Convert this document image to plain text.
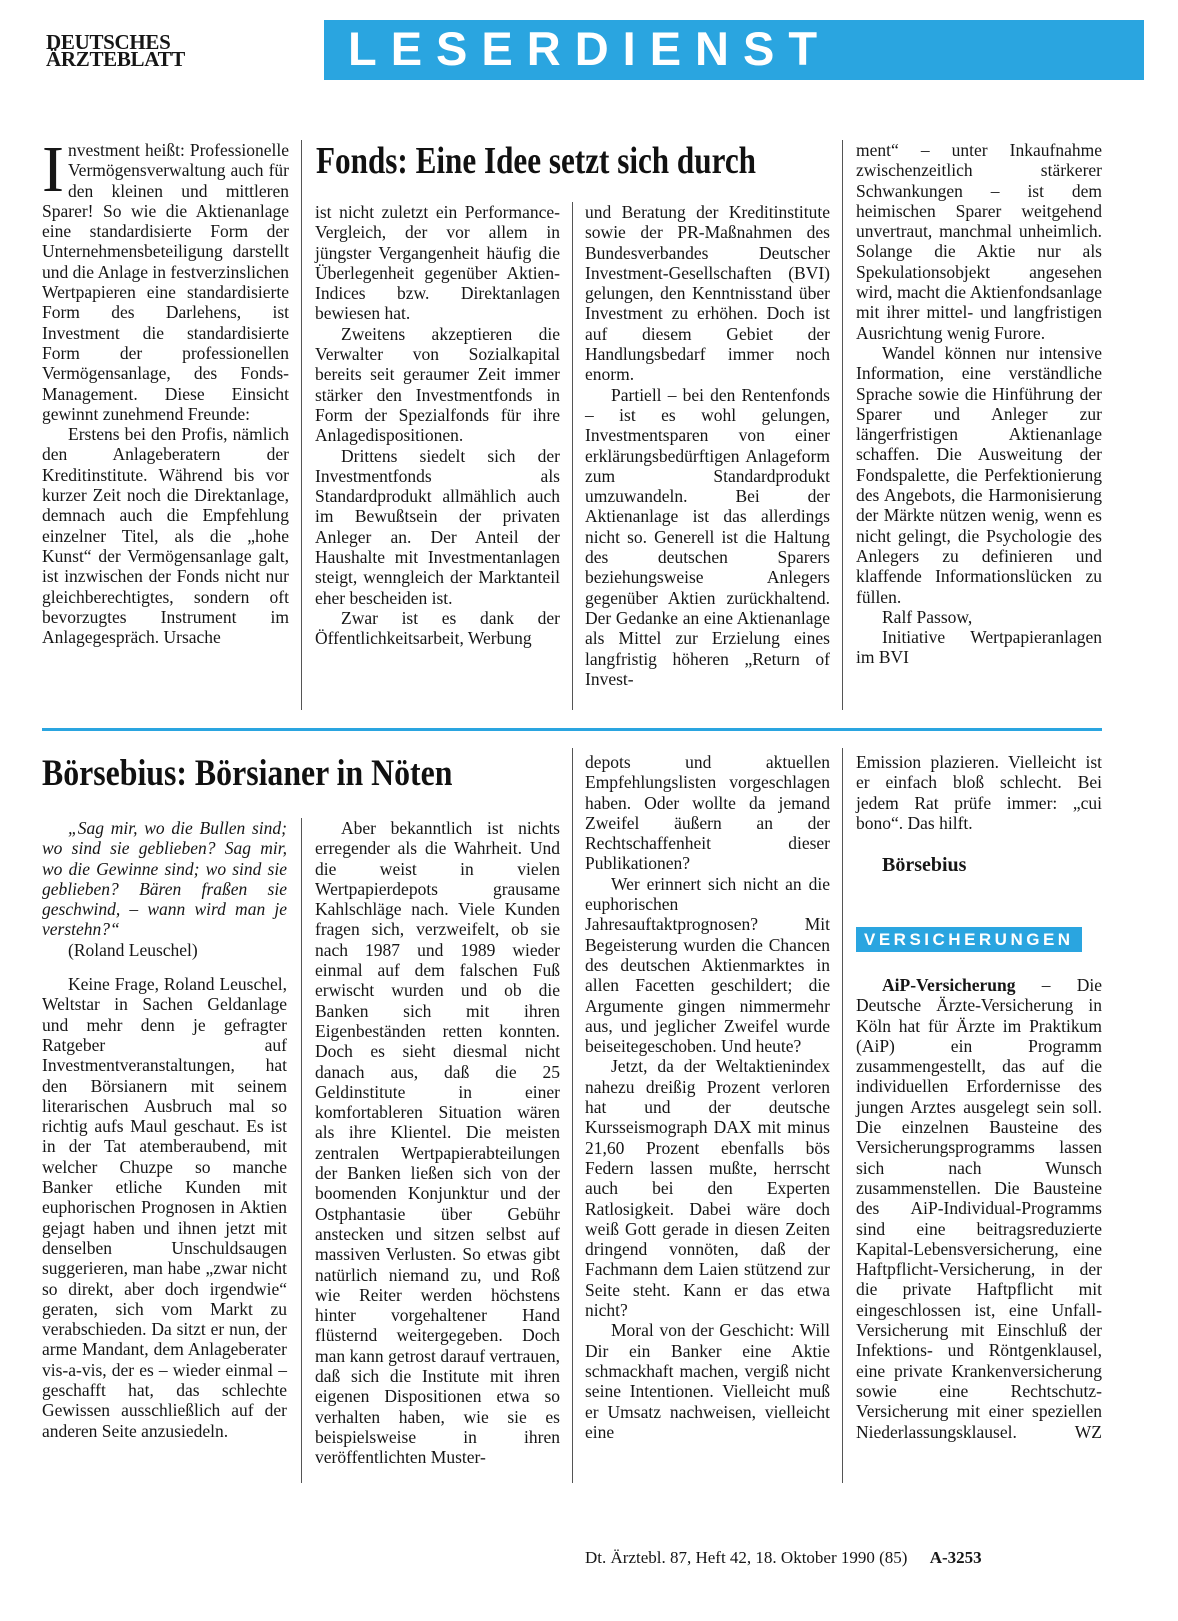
DEUTSCHES
ÄRZTEBLATT	LESERDIENST
I nvestment heißt: Professionelle Vermögensverwaltung auch für den kleinen und mittleren Sparer! So wie die Aktienanlage eine standardisierte Form der Unternehmensbeteiligung darstellt und die Anlage in festverzinslichen Wertpapieren eine standardisierte Form des Darlehens, ist Investment die standardisierte Form der professionellen Vermögensanlage, des Fonds-Management. Diese Einsicht gewinnt zunehmend Freunde:

Erstens bei den Profis, nämlich den Anlageberatern der Kreditinstitute. Während bis vor kurzer Zeit noch die Direktanlage, demnach auch die Empfehlung einzelner Titel, als die „hohe Kunst“ der Vermögensanlage galt, ist inzwischen der Fonds nicht nur gleichberechtigtes, sondern oft bevorzugtes Instrument im Anlagegespräch. Ursache

Fonds: Eine Idee setzt sich durch

ist nicht zuletzt ein Performance-Vergleich, der vor allem in jüngster Vergangenheit häufig die Überlegenheit gegenüber Aktien-Indices bzw. Direktanlagen bewiesen hat.

Zweitens akzeptieren die Verwalter von Sozialkapital bereits seit geraumer Zeit immer stärker den Investmentfonds in Form der Spezialfonds für ihre Anlagedispositionen.

Drittens siedelt sich der Investmentfonds als Standardprodukt allmählich auch im Bewußtsein der privaten Anleger an. Der Anteil der Haushalte mit Investmentanlagen steigt, wenngleich der Marktanteil eher bescheiden ist.

Zwar ist es dank der Öffentlichkeitsarbeit, Werbung

und Beratung der Kreditinstitute sowie der PR-Maßnahmen des Bundesverbandes Deutscher Investment-Gesellschaften (BVI) gelungen, den Kenntnisstand über Investment zu erhöhen. Doch ist auf diesem Gebiet der Handlungsbedarf immer noch enorm.

Partiell – bei den Rentenfonds – ist es wohl gelungen, Investmentsparen von einer erklärungsbedürftigen Anlageform zum Standardprodukt umzuwandeln. Bei der Aktienanlage ist das allerdings nicht so. Generell ist die Haltung des deutschen Sparers beziehungsweise Anlegers gegenüber Aktien zurückhaltend. Der Gedanke an eine Aktienanlage als Mittel zur Erzielung eines langfristig höheren „Return of Invest-

ment“ – unter Inkaufnahme zwischenzeitlich stärkerer Schwankungen – ist dem heimischen Sparer weitgehend unvertraut, manchmal unheimlich. Solange die Aktie nur als Spekulationsobjekt angesehen wird, macht die Aktienfondsanlage mit ihrer mittel- und langfristigen Ausrichtung wenig Furore.

Wandel können nur intensive Information, eine verständliche Sprache sowie die Hinführung der Sparer und Anleger zur längerfristigen Aktienanlage schaffen. Die Ausweitung der Fondspalette, die Perfektionierung des Angebots, die Harmonisierung der Märkte nützen wenig, wenn es nicht gelingt, die Psychologie des Anlegers zu definieren und klaffende Informationslücken zu füllen.

Ralf Passow,

Initiative Wertpapieranlagen im BVI

Börsebius: Börsianer in Nöten

„Sag mir, wo die Bullen sind; wo sind sie geblieben? Sag mir, wo die Gewinne sind; wo sind sie geblieben? Bären fraßen sie geschwind, – wann wird man je verstehn?“

(Roland Leuschel)

Keine Frage, Roland Leuschel, Weltstar in Sachen Geldanlage und mehr denn je gefragter Ratgeber auf Investmentveranstaltungen, hat den Börsianern mit seinem literarischen Ausbruch mal so richtig aufs Maul geschaut. Es ist in der Tat atemberaubend, mit welcher Chuzpe so manche Banker etliche Kunden mit euphorischen Prognosen in Aktien gejagt haben und ihnen jetzt mit denselben Unschuldsaugen suggerieren, man habe „zwar nicht so direkt, aber doch irgendwie“ geraten, sich vom Markt zu verabschieden. Da sitzt er nun, der arme Mandant, dem Anlageberater vis-a-vis, der es – wieder einmal – geschafft hat, das schlechte Gewissen ausschließlich auf der anderen Seite anzusiedeln.

Aber bekanntlich ist nichts erregender als die Wahrheit. Und die weist in vielen Wertpapierdepots grausame Kahlschläge nach. Viele Kunden fragen sich, verzweifelt, ob sie nach 1987 und 1989 wieder einmal auf dem falschen Fuß erwischt wurden und ob die Banken sich mit ihren Eigenbeständen retten konnten. Doch es sieht diesmal nicht danach aus, daß die 25 Geldinstitute in einer komfortableren Situation wären als ihre Klientel. Die meisten zentralen Wertpapierabteilungen der Banken ließen sich von der boomenden Konjunktur und der Ostphantasie über Gebühr anstecken und sitzen selbst auf massiven Verlusten. So etwas gibt natürlich niemand zu, und Roß wie Reiter werden höchstens hinter vorgehaltener Hand flüsternd weitergegeben. Doch man kann getrost darauf vertrauen, daß sich die Institute mit ihren eigenen Dispositionen etwa so verhalten haben, wie sie es beispielsweise in ihren veröffentlichten Muster-

depots und aktuellen Empfehlungslisten vorgeschlagen haben. Oder wollte da jemand Zweifel äußern an der Rechtschaffenheit dieser Publikationen?

Wer erinnert sich nicht an die euphorischen Jahresauftaktprognosen? Mit Begeisterung wurden die Chancen des deutschen Aktienmarktes in allen Facetten geschildert; die Argumente gingen nimmermehr aus, und jeglicher Zweifel wurde beiseitegeschoben. Und heute?

Jetzt, da der Weltaktienindex nahezu dreißig Prozent verloren hat und der deutsche Kursseismograph DAX mit minus 21,60 Prozent ebenfalls bös Federn lassen mußte, herrscht auch bei den Experten Ratlosigkeit. Dabei wäre doch weiß Gott gerade in diesen Zeiten dringend vonnöten, daß der Fachmann dem Laien stützend zur Seite steht. Kann er das etwa nicht?

Moral von der Geschicht: Will Dir ein Banker eine Aktie schmackhaft machen, vergiß nicht seine Intentionen. Vielleicht muß er Umsatz nachweisen, vielleicht eine

Emission plazieren. Vielleicht ist er einfach bloß schlecht. Bei jedem Rat prüfe immer: „cui bono“. Das hilft.

Börsebius

VERSICHERUNGEN

AiP-Versicherung – Die Deutsche Ärzte-Versicherung in Köln hat für Ärzte im Praktikum (AiP) ein Programm zusammengestellt, das auf die individuellen Erfordernisse des jungen Arztes ausgelegt sein soll. Die einzelnen Bausteine des Versicherungsprogramms lassen sich nach Wunsch zusammenstellen. Die Bausteine des AiP-Individual-Programms sind eine beitragsreduzierte Kapital-Lebensversicherung, eine Haftpflicht-Versicherung, in der die private Haftpflicht mit eingeschlossen ist, eine Unfall-Versicherung mit Einschluß der Infektions- und Röntgenklausel, eine private Krankenversicherung sowie eine Rechtschutz-Versicherung mit einer speziellen Niederlassungsklausel.	WZ

Dt. Ärztebl. 87, Heft 42, 18. Oktober 1990 (85) A-3253
